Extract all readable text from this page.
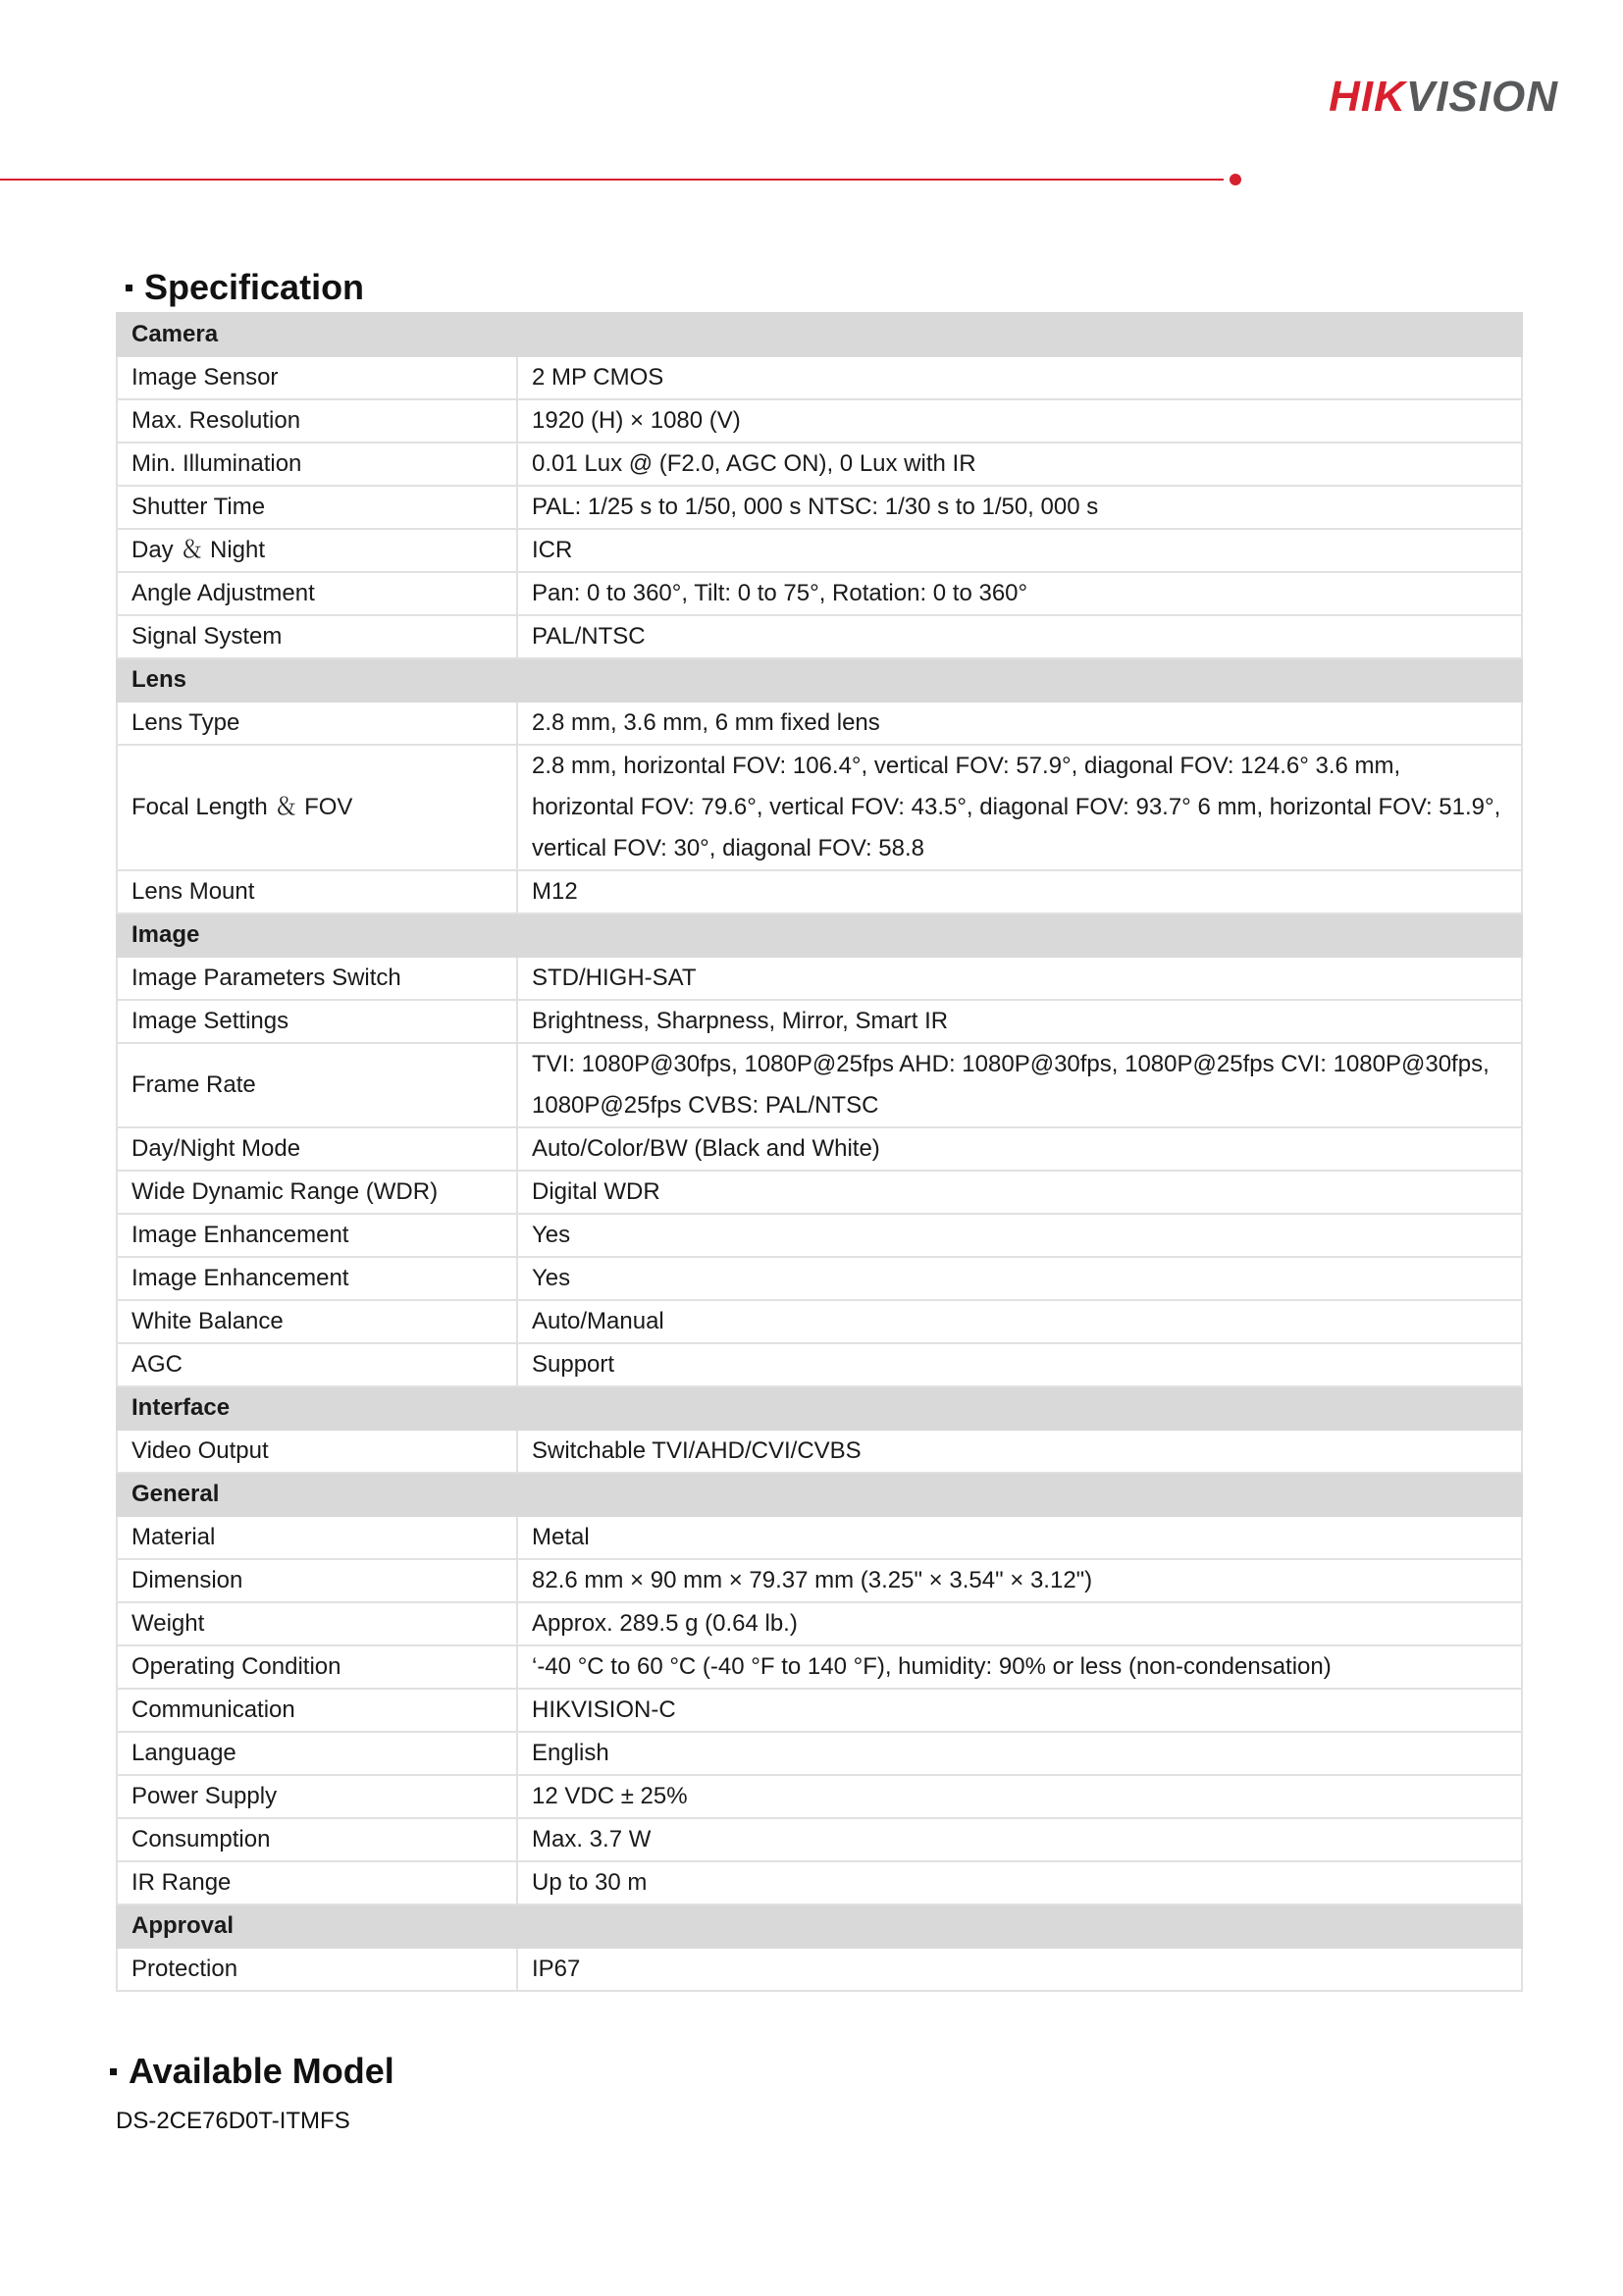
HIKVISION
Specification
Camera	
Image Sensor	2 MP CMOS
Max. Resolution	1920 (H) × 1080 (V)
Min. Illumination	0.01 Lux @ (F2.0, AGC ON), 0 Lux with IR
Shutter Time	PAL: 1/25 s to 1/50, 000 s NTSC: 1/30 s to 1/50, 000 s
Day ＆ Night	ICR
Angle Adjustment	Pan: 0 to 360°, Tilt: 0 to 75°, Rotation: 0 to 360°
Signal System	PAL/NTSC
Lens	
Lens Type	2.8 mm, 3.6 mm, 6 mm fixed lens
Focal Length ＆ FOV	2.8 mm, horizontal FOV: 106.4°, vertical FOV: 57.9°, diagonal FOV: 124.6° 3.6 mm, horizontal FOV: 79.6°, vertical FOV: 43.5°, diagonal FOV: 93.7° 6 mm, horizontal FOV: 51.9°, vertical FOV: 30°, diagonal FOV: 58.8
Lens Mount	M12
Image	
Image Parameters Switch	STD/HIGH-SAT
Image Settings	Brightness, Sharpness, Mirror, Smart IR
Frame Rate	TVI: 1080P@30fps, 1080P@25fps AHD: 1080P@30fps, 1080P@25fps CVI: 1080P@30fps, 1080P@25fps CVBS: PAL/NTSC
Day/Night Mode	Auto/Color/BW (Black and White)
Wide Dynamic Range (WDR)	Digital WDR
Image Enhancement	Yes
Image Enhancement	Yes
White Balance	Auto/Manual
AGC	Support
Interface	
Video Output	Switchable TVI/AHD/CVI/CVBS
General	
Material	Metal
Dimension	82.6 mm × 90 mm × 79.37 mm (3.25" × 3.54" × 3.12")
Weight	Approx. 289.5 g (0.64 lb.)
Operating Condition	‘-40 °C to 60 °C (-40 °F to 140 °F), humidity: 90% or less (non-condensation)
Communication	HIKVISION-C
Language	English
Power Supply	12 VDC ± 25%
Consumption	Max. 3.7 W
IR Range	Up to 30 m
Approval	
Protection	IP67
Available Model
DS-2CE76D0T-ITMFS
